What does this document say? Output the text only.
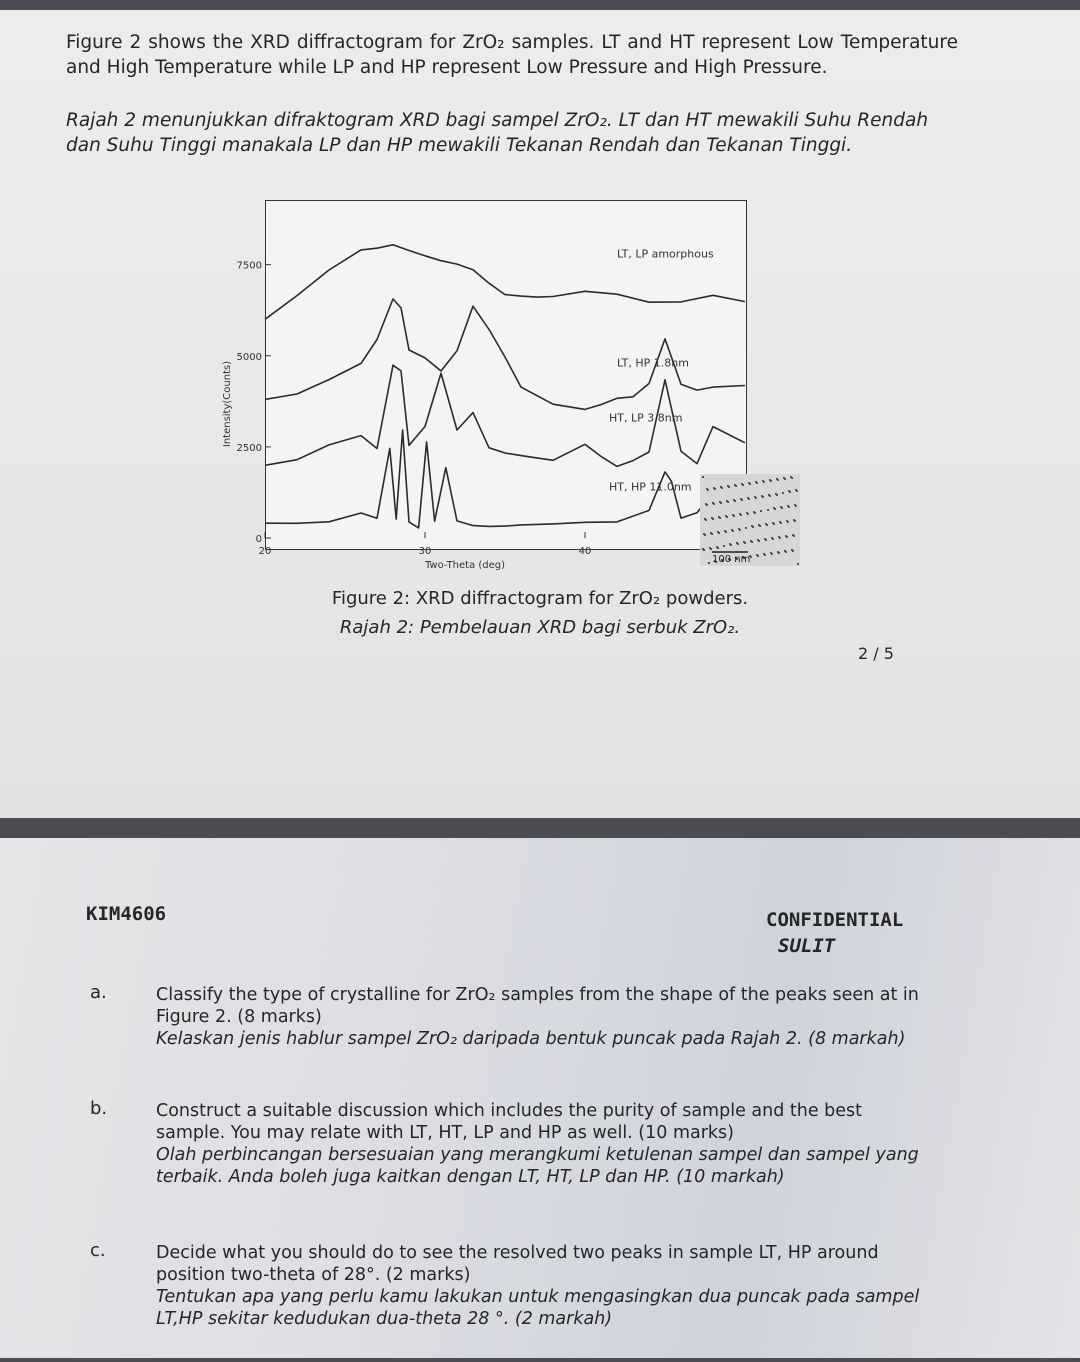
Figure 2 shows the XRD diffractogram for ZrO₂ samples. LT and HT represent Low Temperature and High Temperature while LP and HP represent Low Pressure and High Pressure.

Rajah 2 menunjukkan difraktogram XRD bagi sampel ZrO₂. LT dan HT mewakili Suhu Rendah dan Suhu Tinggi manakala LP dan HP mewakili Tekanan Rendah dan Tekanan Tinggi.

0
2500
5000
7500
20	30	40
Two-Theta (deg)
Intensity(Counts)
LT, LP amorphous
LT, HP 1.8nm
HT, LP 3.8nm
HT, HP 11.0nm
100 nm
Figure 2: XRD diffractogram for ZrO₂ powders.
Rajah 2: Pembelauan XRD bagi serbuk ZrO₂.
2 / 5
KIM4606	CONFIDENTIAL
SULIT
a.	Classify the type of crystalline for ZrO₂ samples from the shape of the peaks seen at in Figure 2. (8 marks)
Kelaskan jenis hablur sampel ZrO₂ daripada bentuk puncak pada Rajah 2. (8 markah)
b.	Construct a suitable discussion which includes the purity of sample and the best sample. You may relate with LT, HT, LP and HP as well. (10 marks)
Olah perbincangan bersesuaian yang merangkumi ketulenan sampel dan sampel yang terbaik. Anda boleh juga kaitkan dengan LT, HT, LP dan HP. (10 markah)
c.	Decide what you should do to see the resolved two peaks in sample LT, HP around position two-theta of 28°. (2 marks)
Tentukan apa yang perlu kamu lakukan untuk mengasingkan dua puncak pada sampel LT,HP sekitar kedudukan dua-theta 28 °. (2 markah)
